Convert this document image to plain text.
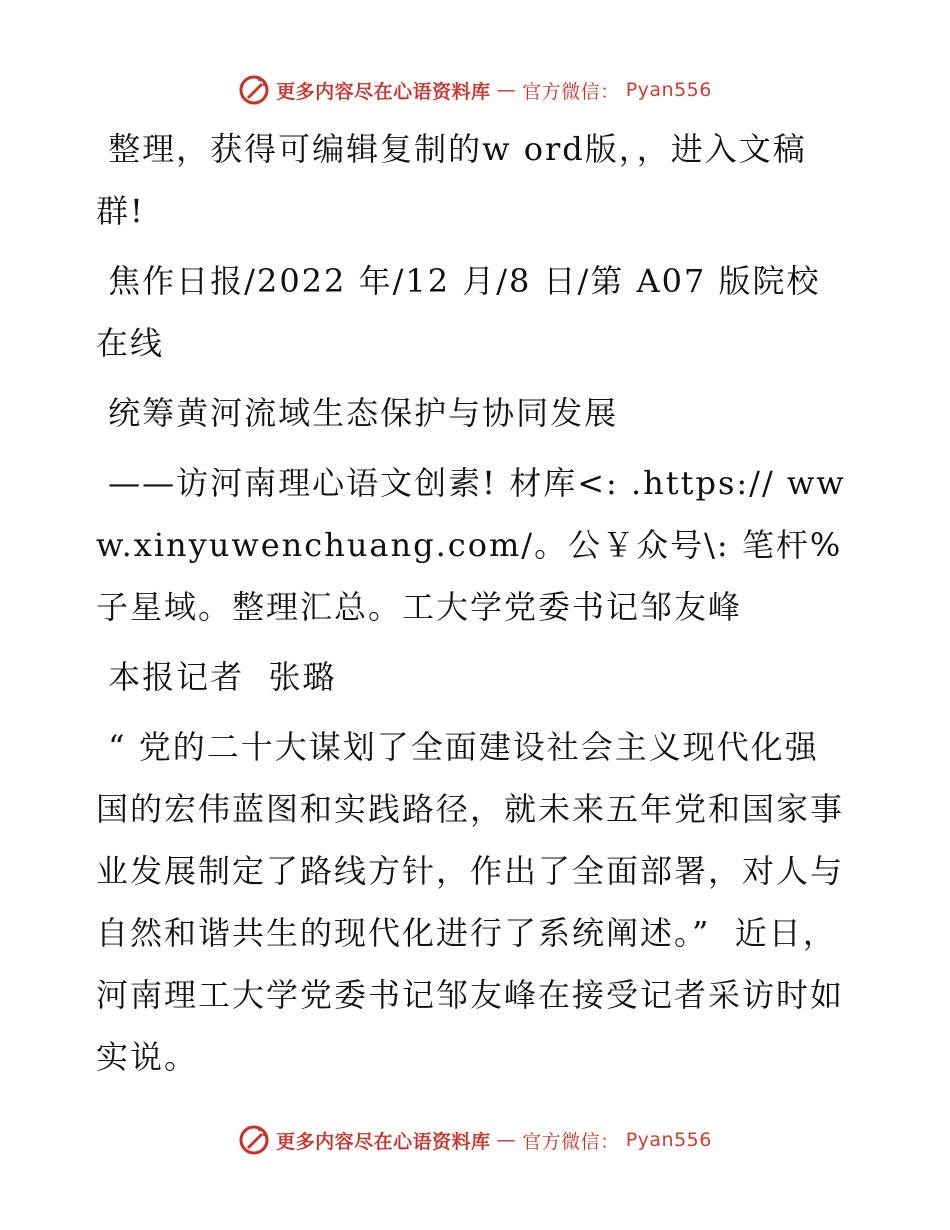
更多内容尽在心语资料库 — 官方微信： Pyan556

整理，获得可编辑复制的w ord版，，进入文稿群!

焦作日报/2022 年/12 月/8 日/第 A07 版院校在线

统筹黄河流域生态保护与协同发展

——访河南理心语文创素! 材库<: .https:// www.xinyuwenchuang.com/。公￥众号\: 笔杆%子星域。整理汇总。工大学党委书记邹友峰

本报记者  张璐

“ 党的二十大谋划了全面建设社会主义现代化强国的宏伟蓝图和实践路径，就未来五年党和国家事业发展制定了路线方针，作出了全面部署，对人与自然和谐共生的现代化进行了系统阐述。”  近日，河南理工大学党委书记邹友峰在接受记者采访时如实说。

更多内容尽在心语资料库 — 官方微信： Pyan556
